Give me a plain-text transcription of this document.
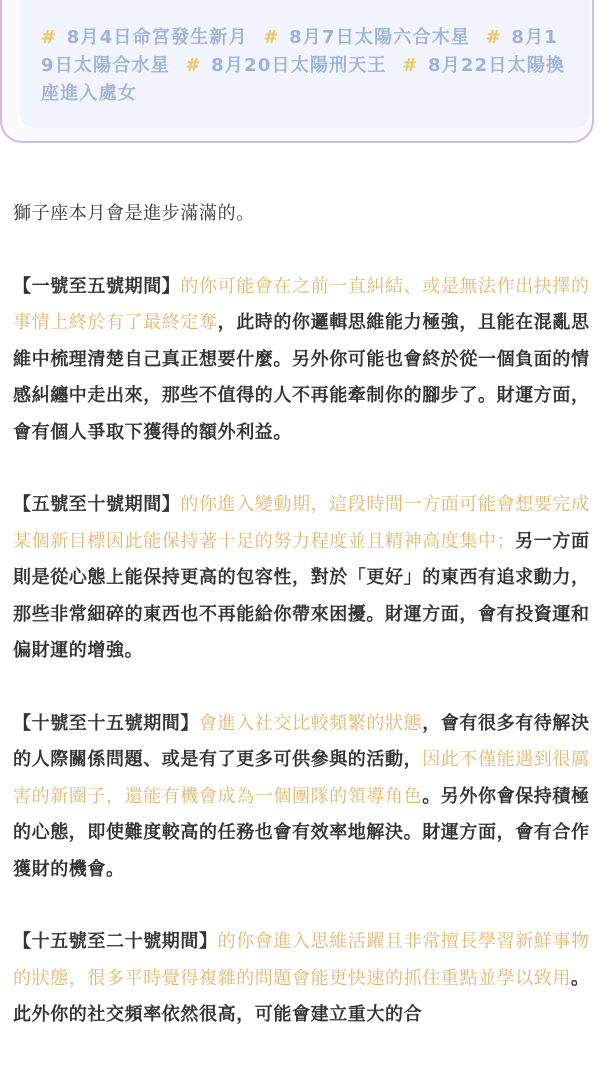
# 8月4日命宮發生新月 # 8月7日太陽六合木星 # 8月19日太陽合水星 # 8月20日太陽刑天王 # 8月22日太陽換座進入處女

獅子座本月會是進步滿滿的。

【一號至五號期間】的你可能會在之前一直糾結、或是無法作出抉擇的事情上終於有了最終定奪，此時的你邏輯思維能力極強，且能在混亂思維中梳理清楚自己真正想要什麼。另外你可能也會終於從一個負面的情感糾纏中走出來，那些不值得的人不再能牽制你的腳步了。財運方面，會有個人爭取下獲得的額外利益。

【五號至十號期間】的你進入變動期，這段時間一方面可能會想要完成某個新目標因此能保持著十足的努力程度並且精神高度集中；另一方面則是從心態上能保持更高的包容性，對於「更好」的東西有追求動力，那些非常細碎的東西也不再能給你帶來困擾。財運方面，會有投資運和偏財運的增強。

【十號至十五號期間】會進入社交比較頻繁的狀態，會有很多有待解決的人際關係問題、或是有了更多可供參與的活動，因此不僅能遇到很厲害的新圈子，還能有機會成為一個團隊的領導角色。另外你會保持積極的心態，即使難度較高的任務也會有效率地解決。財運方面，會有合作獲財的機會。

【十五號至二十號期間】的你會進入思維活躍且非常擅長學習新鮮事物的狀態，很多平時覺得複雜的問題會能更快速的抓住重點並學以致用。此外你的社交頻率依然很高，可能會建立重大的合
